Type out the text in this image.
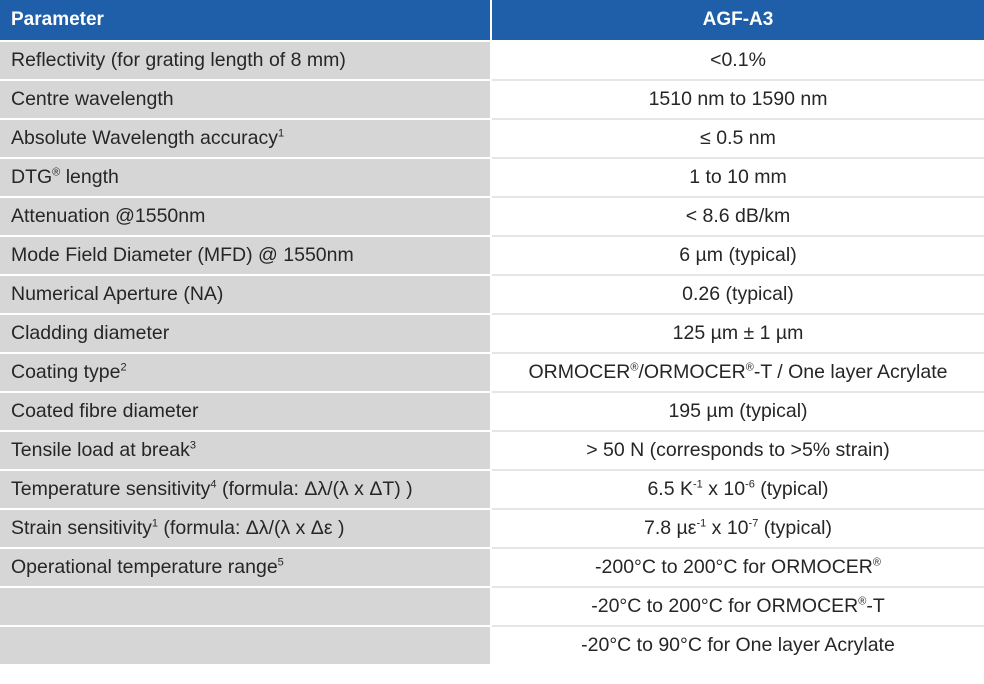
Parameter	AGF-A3
Reflectivity (for grating length of 8 mm)	<0.1%
Centre wavelength	1510 nm to 1590 nm
Absolute Wavelength accuracy$^1$	≤ 0.5 nm
DTG® length	1 to 10 mm
Attenuation @1550nm	< 8.6 dB/km
Mode Field Diameter (MFD) @ 1550nm	6 µm (typical)
Numerical Aperture (NA)	0.26 (typical)
Cladding diameter	125 µm ± 1 µm
Coating type$^2$	ORMOCER®/ORMOCER®-T / One layer Acrylate
Coated fibre diameter	195 µm (typical)
Tensile load at break$^3$	> 50 N (corresponds to >5% strain)
Temperature sensitivity$^4$ (formula: Δλ/(λ x ΔT) )	6.5 $K^{-1}$ x $10^{-6}$ (typical)
Strain sensitivity$^1$ (formula: Δλ/(λ x Δε )	7.8 µε$^{-1}$ x $10^{-7}$ (typical)
Operational temperature range$^5$	-200°C to 200°C for ORMOCER®
	-20°C to 200°C for ORMOCER®-T
	-20°C to 90°C for One layer Acrylate
